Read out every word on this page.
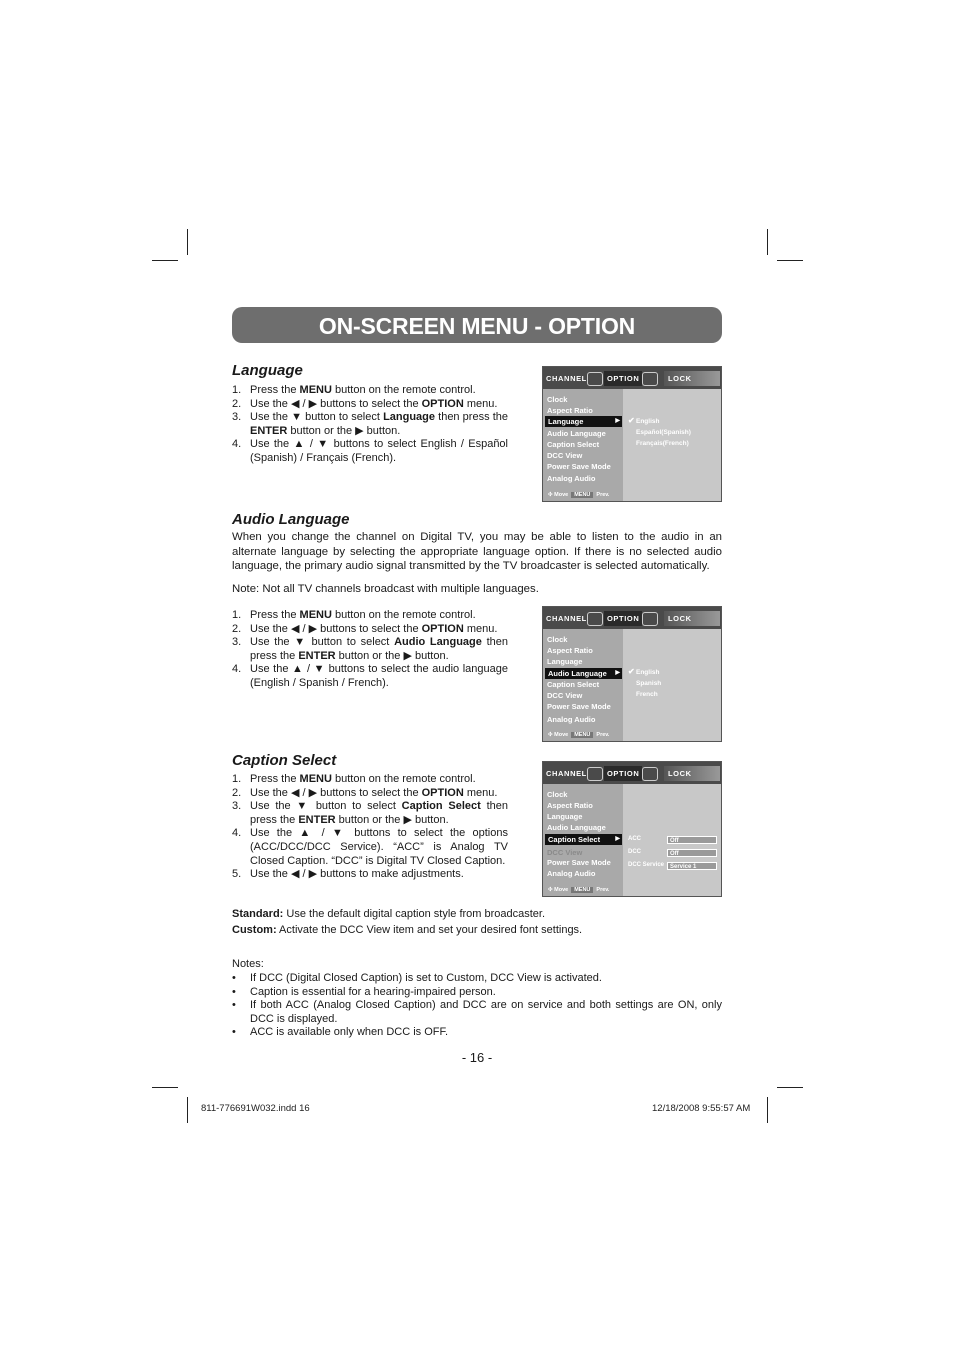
ON-SCREEN MENU - OPTION
Language
1. Press the MENU button on the remote control.
2. Use the ◀ / ▶ buttons to select the OPTION menu.
3. Use the ▼ button to select Language then press the ENTER button or the ▶ button.
4. Use the ▲ / ▼ buttons to select English / Español (Spanish) / Français (French).
CHANNEL	OPTION	LOCK
Clock
Aspect Ratio
Language ▶
Audio Language
Caption Select
DCC View
Power Save Mode
Analog Audio
✔ English
Español(Spanish)
Français(French)
✣ Move MENU Prev.
Audio Language

When you change the channel on Digital TV, you may be able to listen to the audio in an alternate language by selecting the appropriate language option. If there is no selected audio language, the primary audio signal transmitted by the TV broadcaster is selected automatically.

Note: Not all TV channels broadcast with multiple languages.

1. Press the MENU button on the remote control.
2. Use the ◀ / ▶ buttons to select the OPTION menu.
3. Use the ▼ button to select Audio Language then press the ENTER button or the ▶ button.
4. Use the ▲ / ▼ buttons to select the audio language (English / Spanish / French).
CHANNEL	OPTION	LOCK
Clock
Aspect Ratio
Language
Audio Language ▶
Caption Select
DCC View
Power Save Mode
Analog Audio
✔ English
Spanish
French
✣ Move MENU Prev.
Caption Select
1. Press the MENU button on the remote control.
2. Use the ◀ / ▶ buttons to select the OPTION menu.
3. Use the ▼ button to select Caption Select then press the ENTER button or the ▶ button.
4. Use the ▲ / ▼ buttons to select the options (ACC/DCC/DCC Service). “ACC” is Analog TV Closed Caption. “DCC” is Digital TV Closed Caption.
5. Use the ◀ / ▶ buttons to make adjustments.
CHANNEL	OPTION	LOCK
Clock
Aspect Ratio
Language
Audio Language
Caption Select ▶
DCC View
Power Save Mode
Analog Audio
ACC	Off
DCC	Off
DCC Service Service 1
✣ Move MENU Prev.

Standard: Use the default digital caption style from broadcaster.

Custom: Activate the DCC View item and set your desired font settings.

Notes:

• If DCC (Digital Closed Caption) is set to Custom, DCC View is activated.
• Caption is essential for a hearing-impaired person.
• If both ACC (Analog Closed Caption) and DCC are on service and both settings are ON, only DCC is displayed.
• ACC is available only when DCC is OFF.
- 16 -
811-776691W032.indd 16	12/18/2008 9:55:57 AM
